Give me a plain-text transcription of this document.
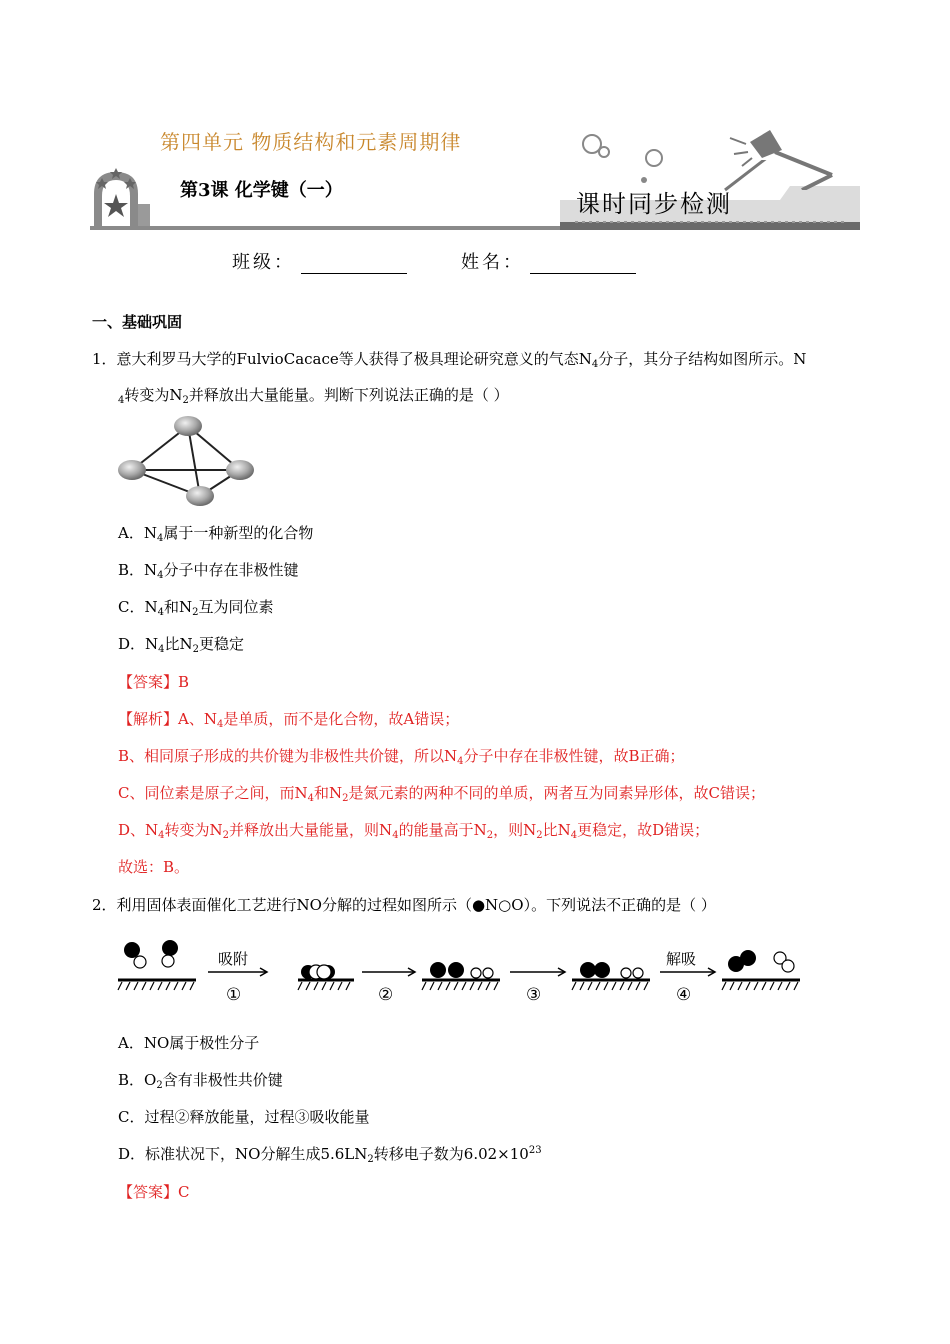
第四单元 物质结构和元素周期律
第3课 化学键（一）	课时同步检测
班级：	姓名：
一、基础巩固
1．意大利罗马大学的FulvioCacace等人获得了极具理论研究意义的气态$N_4$分子，其分子结构如图所示。N
$_4$转变为$N_2$并释放出大量能量。判断下列说法正确的是（ ）
A．$N_4$属于一种新型的化合物
B．$N_4$分子中存在非极性键
C．$N_4$和$N_2$互为同位素
D．$N_4$比$N_2$更稳定
【答案】B
【解析】A、$N_4$是单质，而不是化合物，故A错误；
B、相同原子形成的共价键为非极性共价键，所以$N_4$分子中存在非极性键，故B正确；
C、同位素是原子之间，而$N_4$和$N_2$是氮元素的两种不同的单质，两者互为同素异形体，故C错误；
D、$N_4$转变为$N_2$并释放出大量能量，则$N_4$的能量高于$N_2$，则$N_2$比$N_4$更稳定，故D错误；
故选：B。
2．利用固体表面催化工艺进行NO分解的过程如图所示（●N○O）。下列说法不正确的是（ ）
吸附
①	②	③
解吸
④
A．NO属于极性分子
B．$O_2$含有非极性共价键
C．过程②释放能量，过程③吸收能量
D．标准状况下，NO分解生成$5.6LN_2$转移电子数为$6.02\times 10^{23}$
【答案】C
